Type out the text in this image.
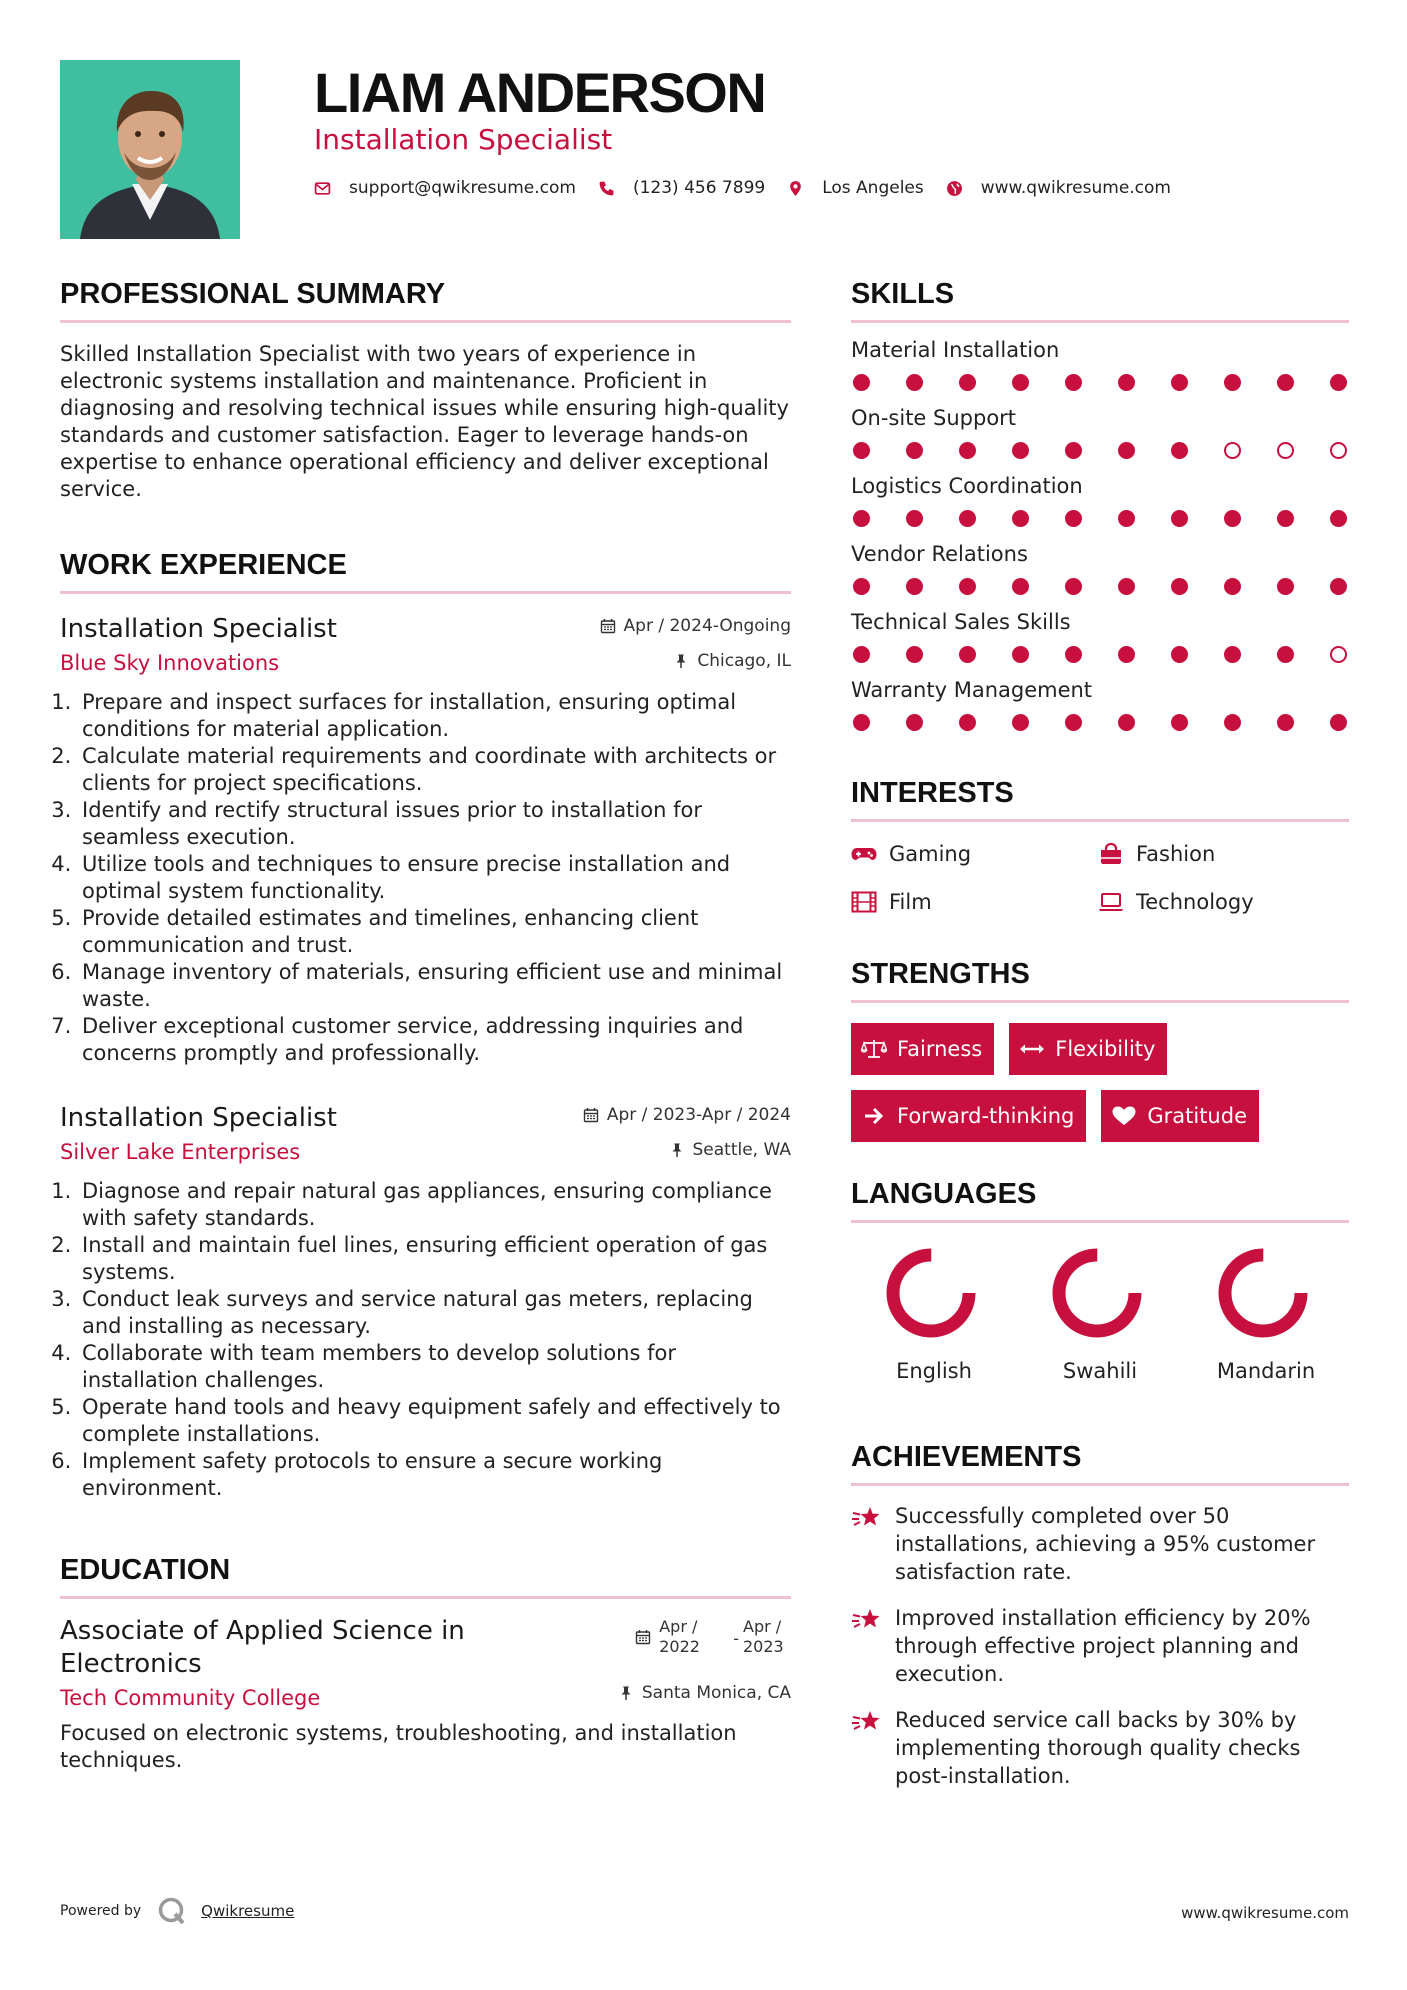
LIAM ANDERSON
Installation Specialist
support@qwikresume.com	(123) 456 7899	Los Angeles	www.qwikresume.com
PROFESSIONAL SUMMARY
Skilled Installation Specialist with two years of experience in electronic systems installation and maintenance. Proficient in diagnosing and resolving technical issues while ensuring high-quality standards and customer satisfaction. Eager to leverage hands-on expertise to enhance operational efficiency and deliver exceptional service.
WORK EXPERIENCE
Apr / 2024-Ongoing
Chicago, IL
Installation Specialist
Blue Sky Innovations
1. Prepare and inspect surfaces for installation, ensuring optimal conditions for material application.
2. Calculate material requirements and coordinate with architects or clients for project specifications.
3. Identify and rectify structural issues prior to installation for seamless execution.
4. Utilize tools and techniques to ensure precise installation and optimal system functionality.
5. Provide detailed estimates and timelines, enhancing client communication and trust.
6. Manage inventory of materials, ensuring efficient use and minimal waste.
7. Deliver exceptional customer service, addressing inquiries and concerns promptly and professionally.
Apr / 2023-Apr / 2024
Seattle, WA
Installation Specialist
Silver Lake Enterprises
1. Diagnose and repair natural gas appliances, ensuring compliance with safety standards.
2. Install and maintain fuel lines, ensuring efficient operation of gas systems.
3. Conduct leak surveys and service natural gas meters, replacing and installing as necessary.
4. Collaborate with team members to develop solutions for installation challenges.
5. Operate hand tools and heavy equipment safely and effectively to complete installations.
6. Implement safety protocols to ensure a secure working environment.
EDUCATION
Apr / 2022	-
Apr / 2023
Santa Monica, CA
Associate of Applied Science in Electronics
Tech Community College
Focused on electronic systems, troubleshooting, and installation techniques.
SKILLS
Material Installation
On-site Support
Logistics Coordination
Vendor Relations
Technical Sales Skills
Warranty Management
INTERESTS
Gaming	Fashion
Film	Technology
STRENGTHS
Fairness	Flexibility
Forward-thinking	Gratitude
LANGUAGES
English	Swahili	Mandarin
ACHIEVEMENTS
Successfully completed over 50 installations, achieving a 95% customer satisfaction rate.
Improved installation efficiency by 20% through effective project planning and execution.
Reduced service call backs by 30% by implementing thorough quality checks post-installation.
Powered by	Qwikresume	www.qwikresume.com
